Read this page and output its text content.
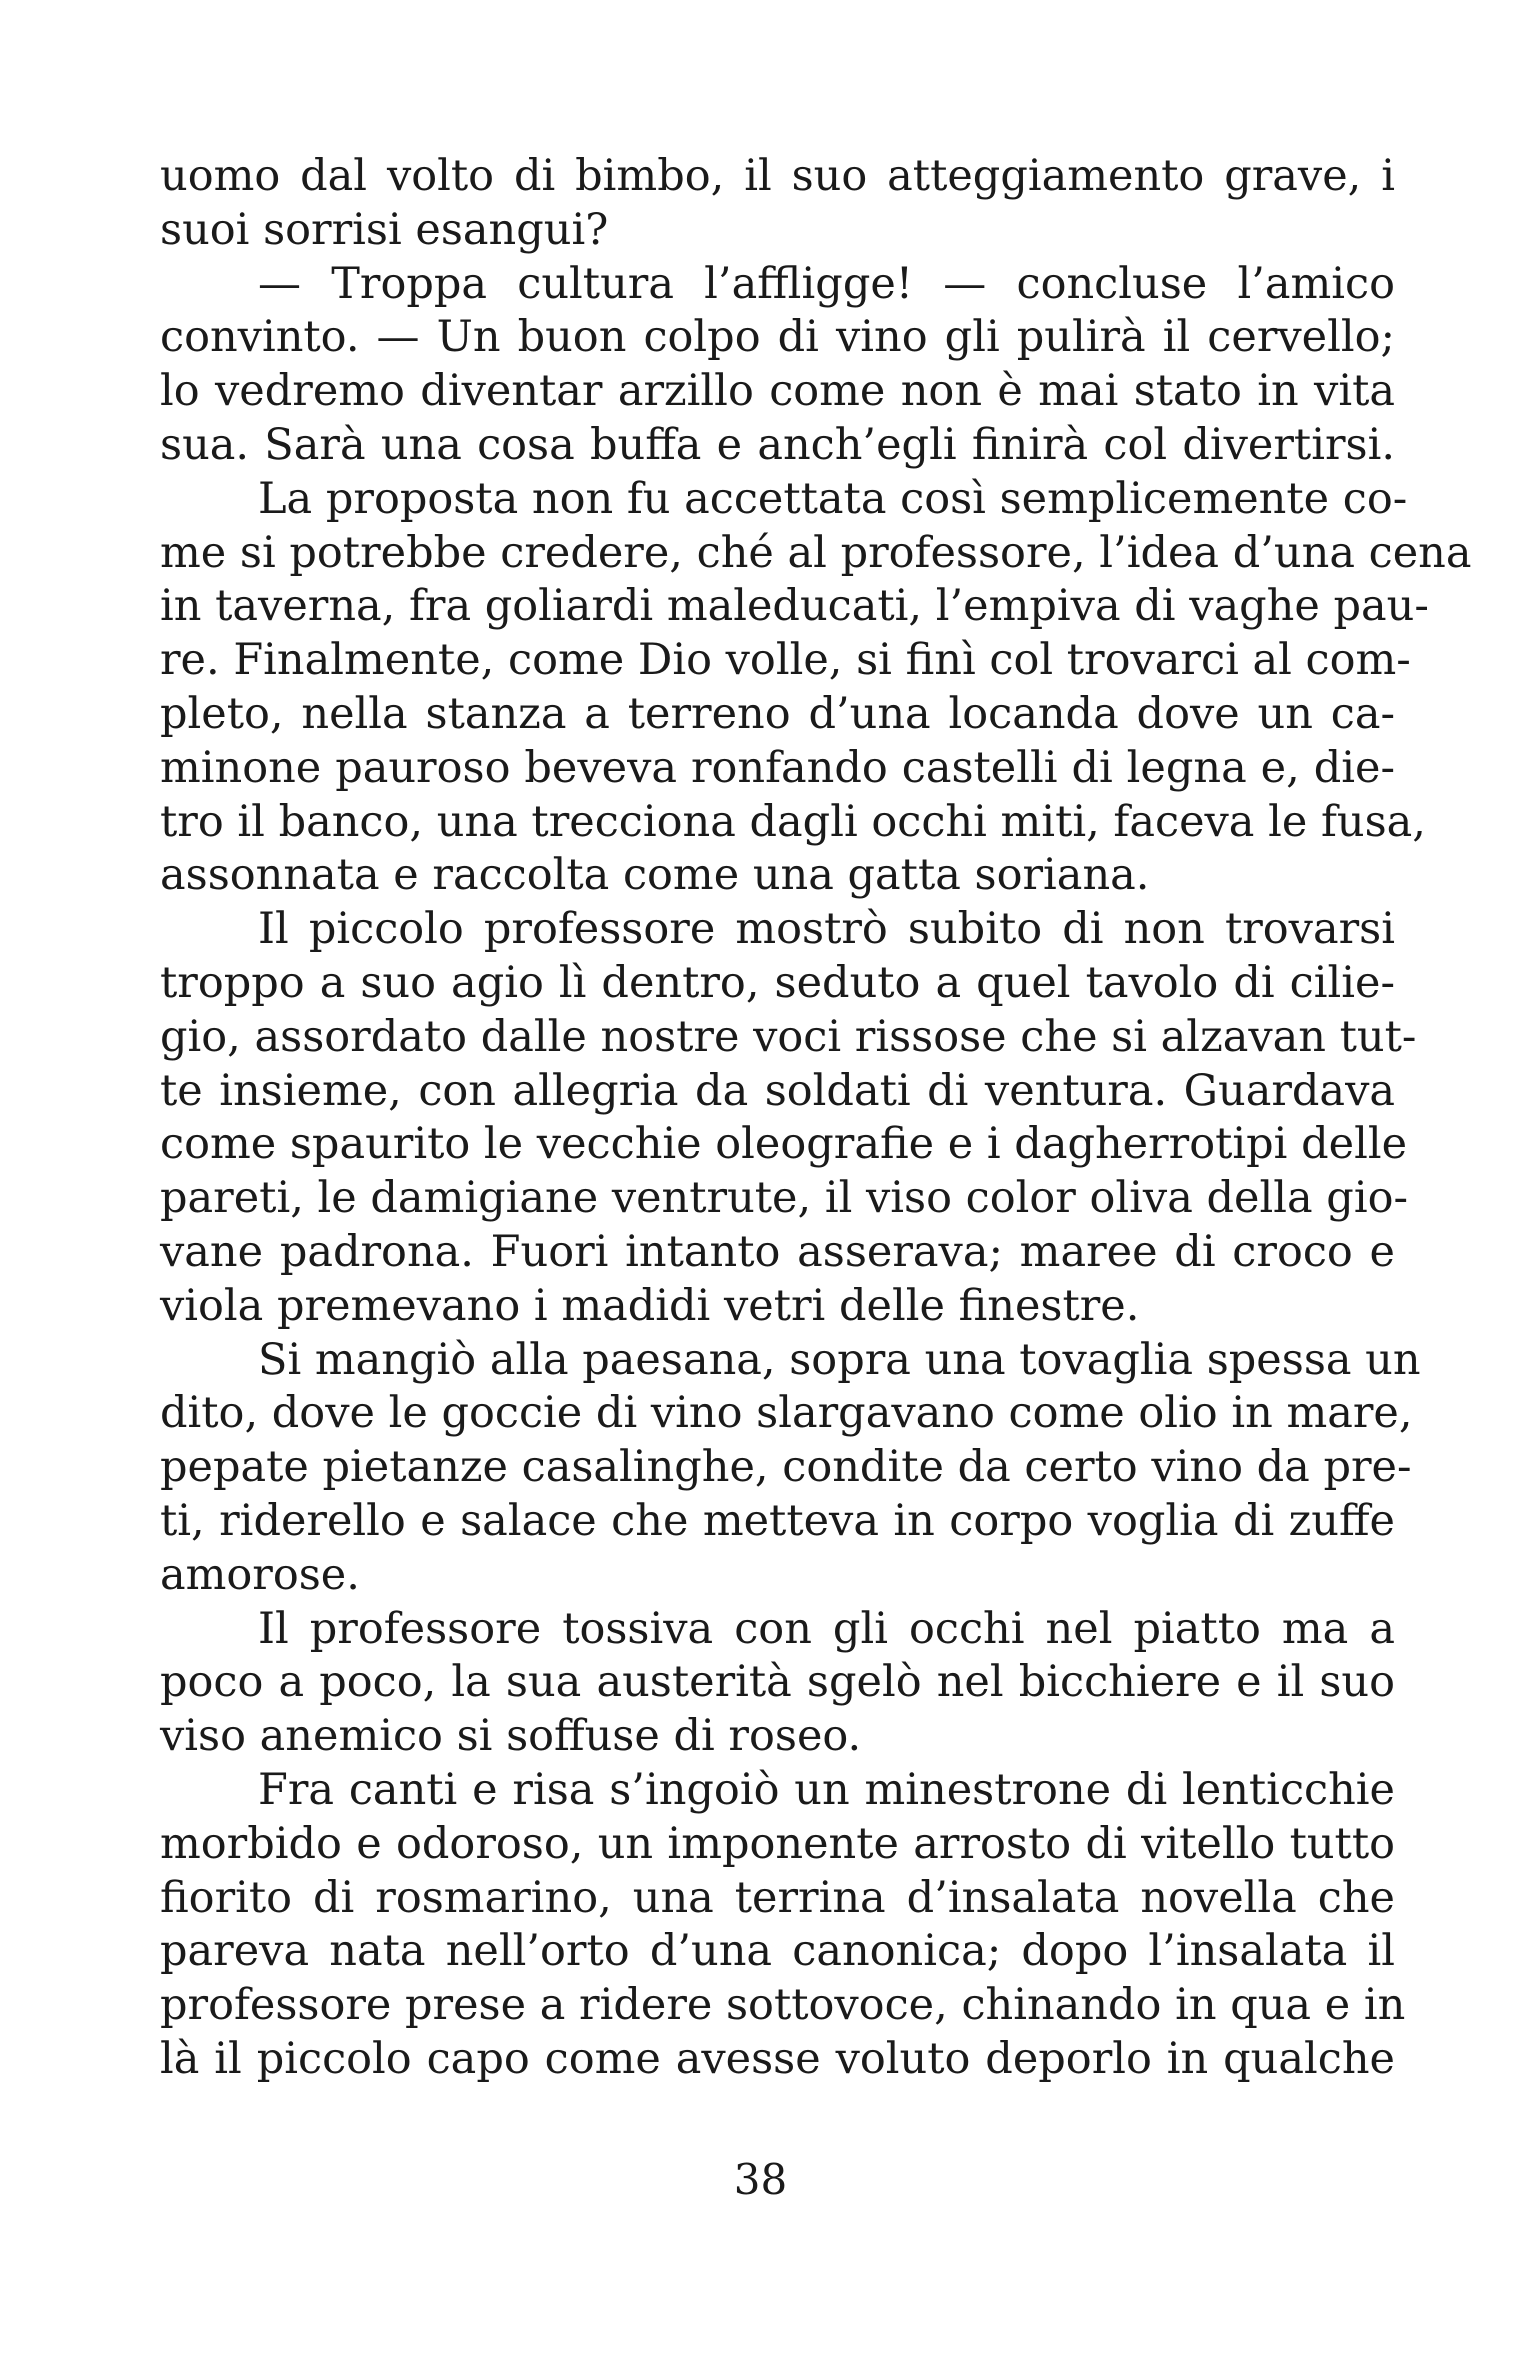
uomo dal volto di bimbo, il suo atteggiamento grave, i
suoi sorrisi esangui?
— Troppa cultura l’affligge! — concluse l’amico
convinto. — Un buon colpo di vino gli pulirà il cervello;
lo vedremo diventar arzillo come non è mai stato in vita
sua. Sarà una cosa buffa e anch’egli finirà col divertirsi.
La proposta non fu accettata così semplicemente co-
me si potrebbe credere, ché al professore, l’idea d’una cena
in taverna, fra goliardi maleducati, l’empiva di vaghe pau-
re. Finalmente, come Dio volle, si finì col trovarci al com-
pleto, nella stanza a terreno d’una locanda dove un ca-
minone pauroso beveva ronfando castelli di legna e, die-
tro il banco, una trecciona dagli occhi miti, faceva le fusa,
assonnata e raccolta come una gatta soriana.
Il piccolo professore mostrò subito di non trovarsi
troppo a suo agio lì dentro, seduto a quel tavolo di cilie-
gio, assordato dalle nostre voci rissose che si alzavan tut-
te insieme, con allegria da soldati di ventura. Guardava
come spaurito le vecchie oleografie e i dagherrotipi delle
pareti, le damigiane ventrute, il viso color oliva della gio-
vane padrona. Fuori intanto asserava; maree di croco e
viola premevano i madidi vetri delle finestre.
Si mangiò alla paesana, sopra una tovaglia spessa un
dito, dove le goccie di vino slargavano come olio in mare,
pepate pietanze casalinghe, condite da certo vino da pre-
ti, riderello e salace che metteva in corpo voglia di zuffe
amorose.
Il professore tossiva con gli occhi nel piatto ma a
poco a poco, la sua austerità sgelò nel bicchiere e il suo
viso anemico si soffuse di roseo.
Fra canti e risa s’ingoiò un minestrone di lenticchie
morbido e odoroso, un imponente arrosto di vitello tutto
fiorito di rosmarino, una terrina d’insalata novella che
pareva nata nell’orto d’una canonica; dopo l’insalata il
professore prese a ridere sottovoce, chinando in qua e in
là il piccolo capo come avesse voluto deporlo in qualche
38
